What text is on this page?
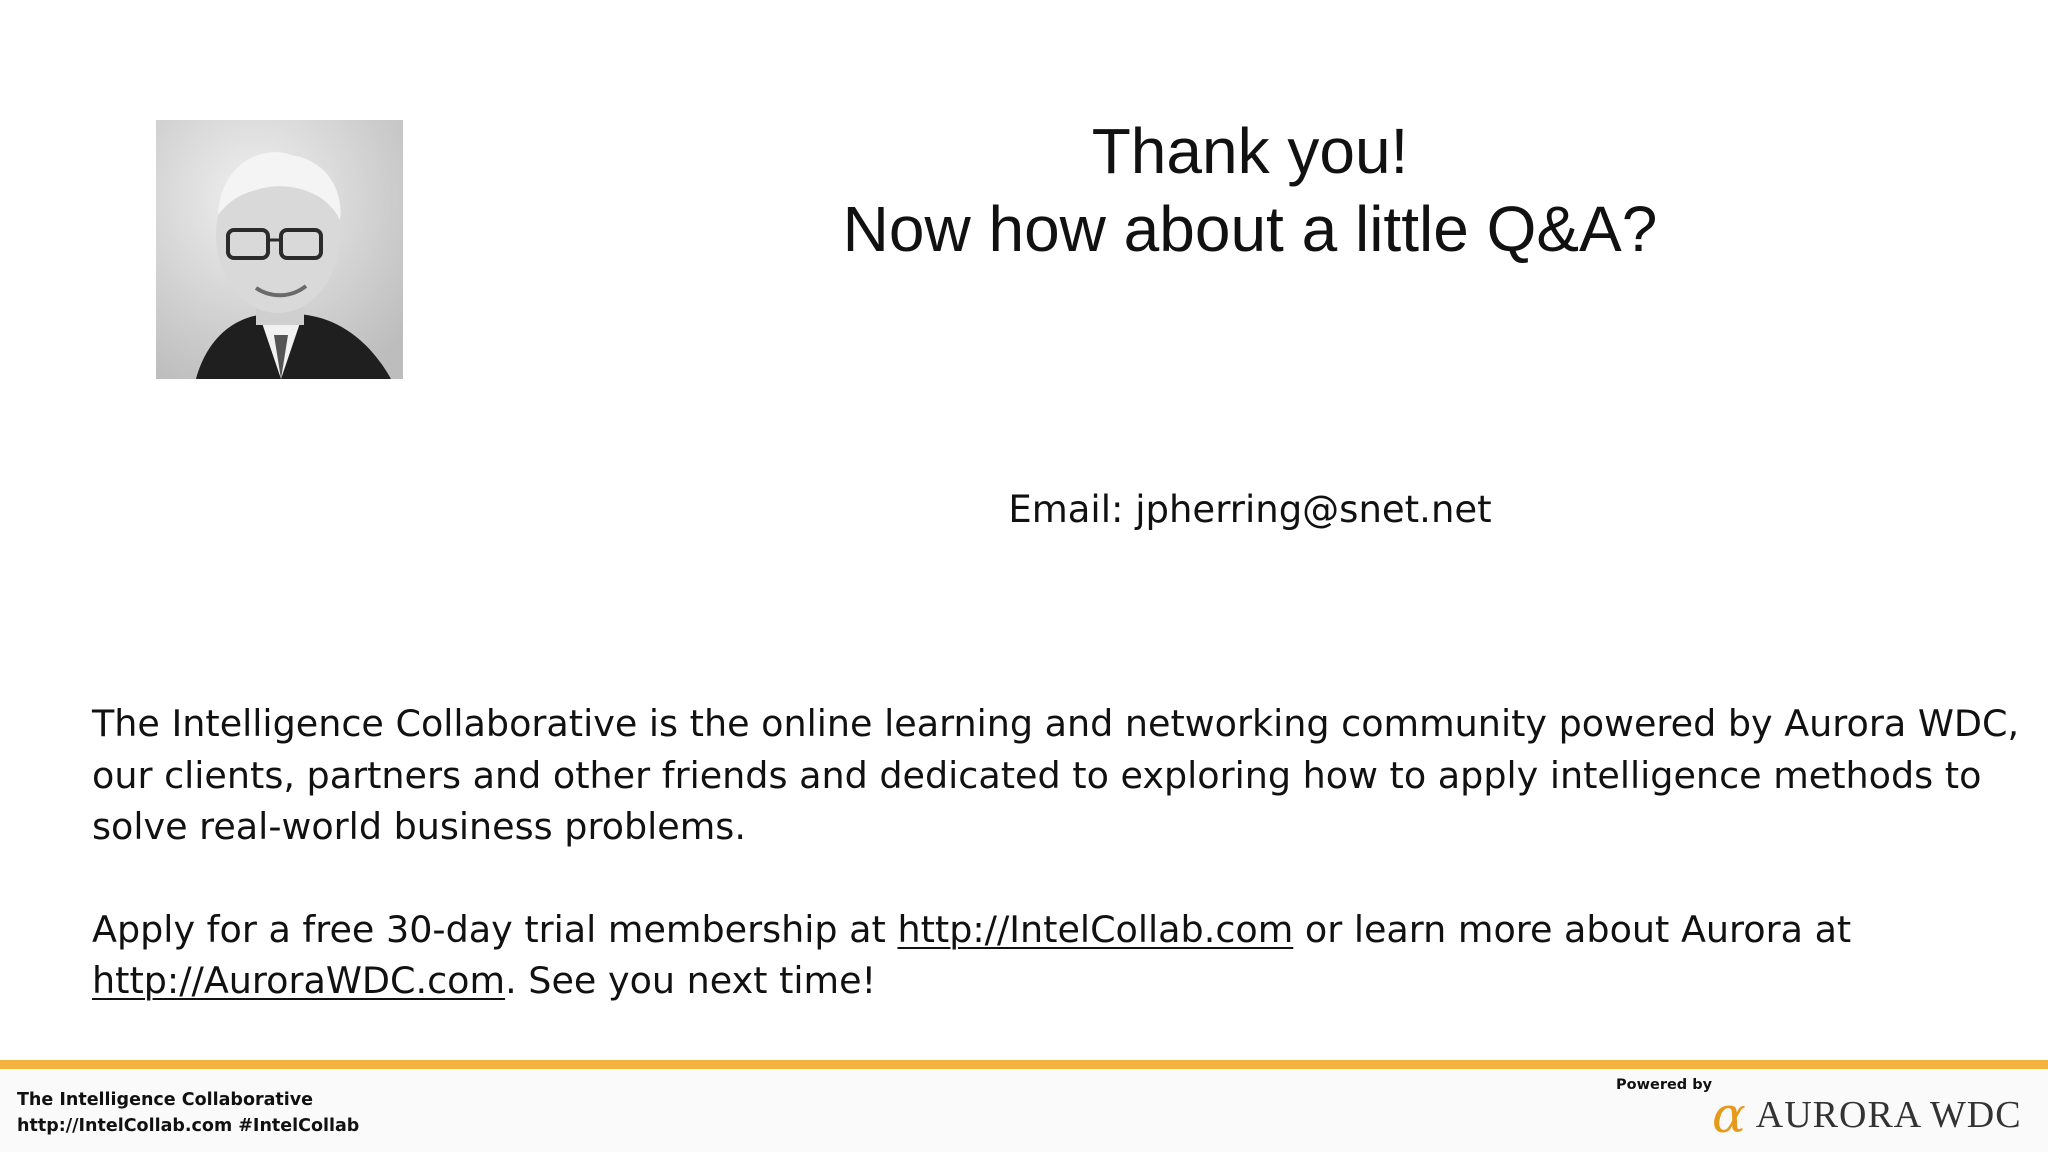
Thank you!
Now how about a little Q&A?
Email: jpherring@snet.net

The Intelligence Collaborative is the online learning and networking community powered by Aurora WDC,
our clients, partners and other friends and dedicated to exploring how to apply intelligence methods to
solve real-world business problems.

Apply for a free 30-day trial membership at http://IntelCollab.com or learn more about Aurora at
http://AuroraWDC.com. See you next time!

The Intelligence Collaborative
http://IntelCollab.com #IntelCollab
Powered by
α AURORA WDC
